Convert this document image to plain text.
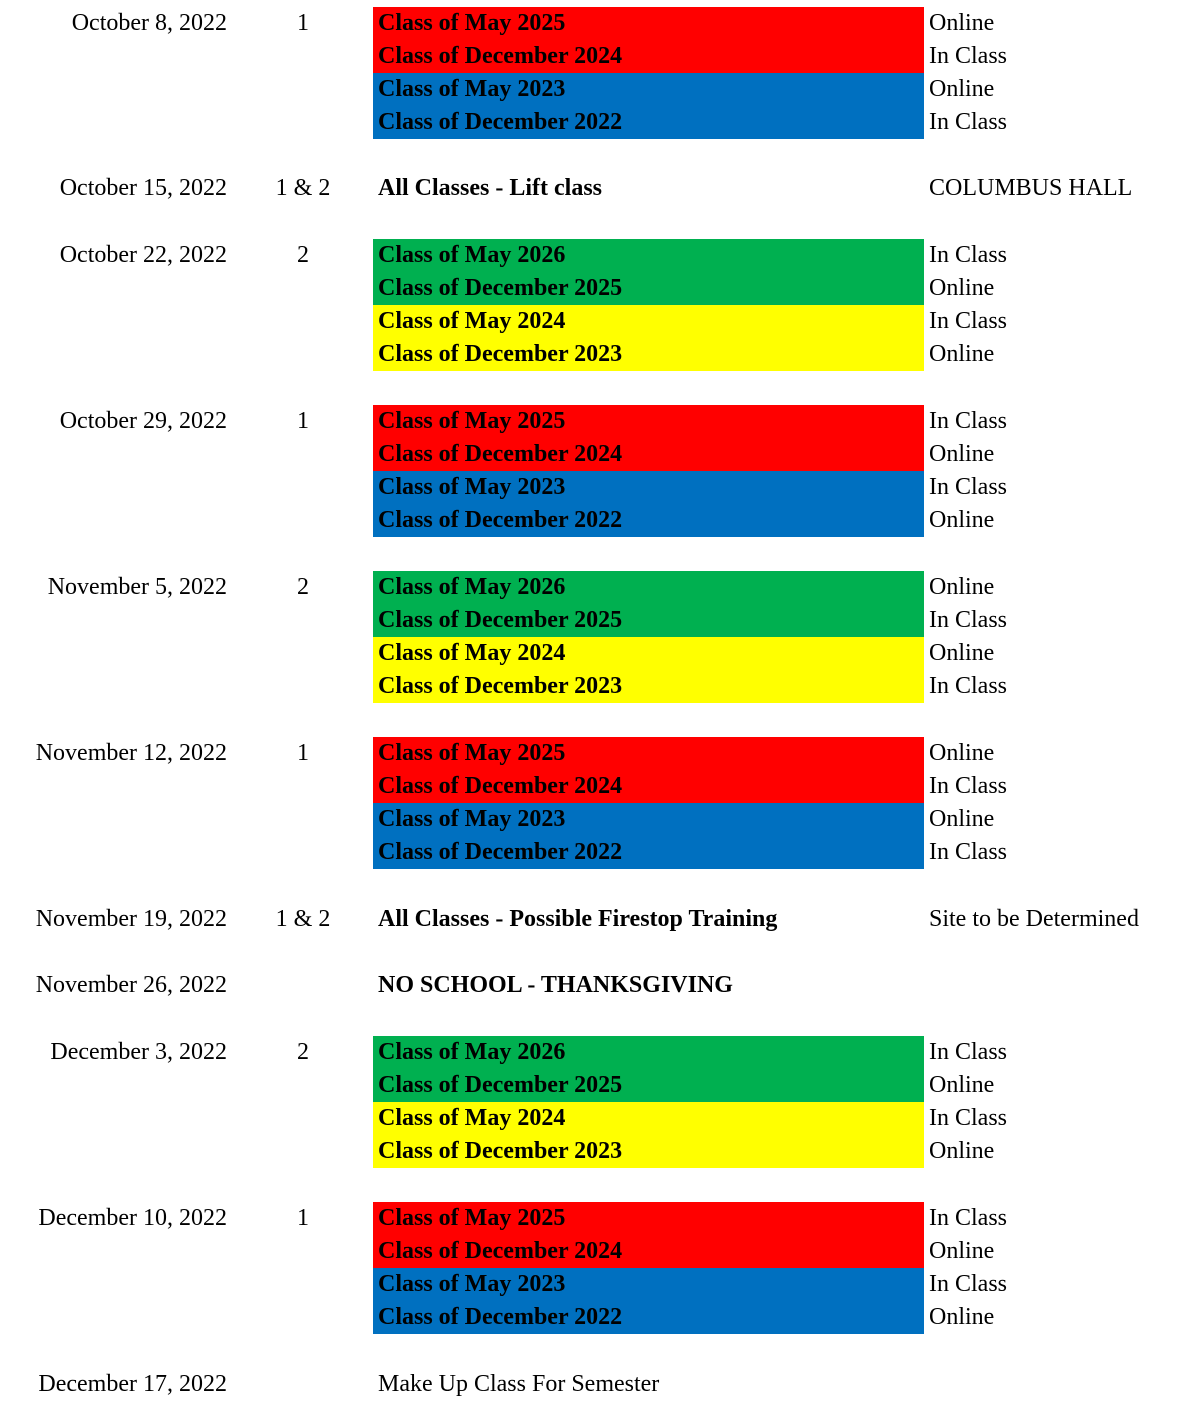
October 8, 2022	1	Class of May 2025	Online
Class of December 2024	In Class
Class of May 2023	Online
Class of December 2022	In Class
October 15, 2022	1 & 2	All Classes - Lift class	COLUMBUS HALL
October 22, 2022	2	Class of May 2026	In Class
Class of December 2025	Online
Class of May 2024	In Class
Class of December 2023	Online
October 29, 2022	1	Class of May 2025	In Class
Class of December 2024	Online
Class of May 2023	In Class
Class of December 2022	Online
November 5, 2022	2	Class of May 2026	Online
Class of December 2025	In Class
Class of May 2024	Online
Class of December 2023	In Class
November 12, 2022	1	Class of May 2025	Online
Class of December 2024	In Class
Class of May 2023	Online
Class of December 2022	In Class
November 19, 2022	1 & 2	All Classes - Possible Firestop Training	Site to be Determined
November 26, 2022	NO SCHOOL - THANKSGIVING
December 3, 2022	2	Class of May 2026	In Class
Class of December 2025	Online
Class of May 2024	In Class
Class of December 2023	Online
December 10, 2022	1	Class of May 2025	In Class
Class of December 2024	Online
Class of May 2023	In Class
Class of December 2022	Online
December 17, 2022	Make Up Class For Semester
